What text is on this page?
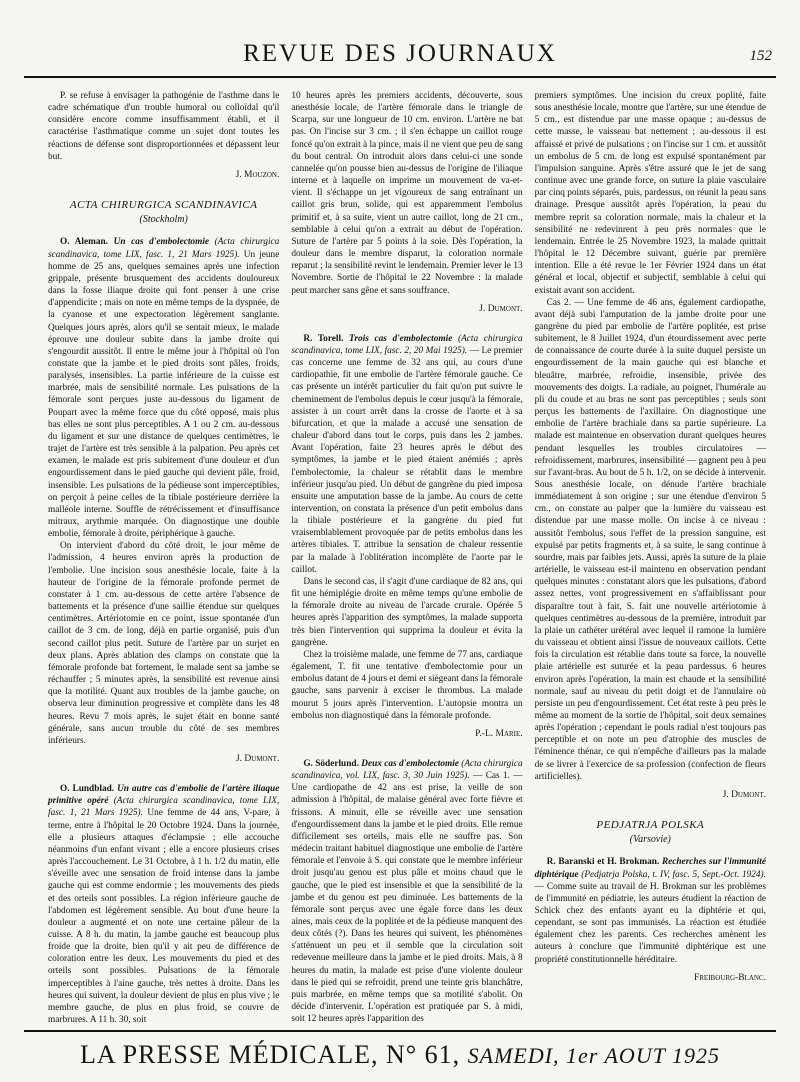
REVUE DES JOURNAUX	152

P. se refuse à envisager la pathogénie de l'asthme dans le cadre schématique d'un trouble humoral ou colloïdal qu'il considère encore comme insuffisamment établi, et il caractérise l'asthmatique comme un sujet dont toutes les réactions de défense sont disproportionnées et dépassent leur but.

J. Mouzon.
ACTA CHIRURGICA SCANDINAVICA
(Stockholm)

O. Aleman. Un cas d'embolectomie (Acta chirurgica scandinavica, tome LIX, fasc. 1, 21 Mars 1925). Un jeune homme de 25 ans, quelques semaines après une infection grippale, présente brusquement des accidents douloureux dans la fosse iliaque droite qui font penser à une crise d'appendicite ; mais on note en même temps de la dyspnée, de la cyanose et une expectoration légèrement sanglante. Quelques jours après, alors qu'il se sentait mieux, le malade éprouve une douleur subite dans la jambe droite qui s'engourdit aussitôt. Il entre le même jour à l'hôpital où l'on constate que la jambe et le pied droits sont pâles, froids, paralysés, insensibles. La partie inférieure de la cuisse est marbrée, mais de sensibilité normale. Les pulsations de la fémorale sont perçues juste au-dessous du ligament de Poupart avec la même force que du côté opposé, mais plus bas elles ne sont plus perceptibles. A 1 ou 2 cm. au-dessous du ligament et sur une distance de quelques centimètres, le trajet de l'artère est très sensible à la palpation. Peu après cet examen, le malade est pris subitement d'une douleur et d'un engourdissement dans le pied gauche qui devient pâle, froid, insensible. Les pulsations de la pédieuse sont imperceptibles, on perçoit à peine celles de la tibiale postérieure derrière la malléole interne. Souffle de rétrécissement et d'insuffisance mitraux, arythmie marquée. On diagnostique une double embolie, fémorale à droite, périphérique à gauche.

On intervient d'abord du côté droit, le jour même de l'admission, 4 heures environ après la production de l'embolie. Une incision sous anesthésie locale, faite à la hauteur de l'origine de la fémorale profonde permet de constater à 1 cm. au-dessous de cette artère l'absence de battements et la présence d'une saillie étendue sur quelques centimètres. Artériotomie en ce point, issue spontanée d'un caillot de 3 cm. de long, déjà en partie organisé, puis d'un second caillot plus petit. Suture de l'artère par un surjet en deux plans. Après ablation des clamps on constate que la fémorale profonde bat fortement, le malade sent sa jambe se réchauffer ; 5 minutes après, la sensibilité est revenue ainsi que la motilité. Quant aux troubles de la jambe gauche, on observa leur diminution progressive et complète dans les 48 heures. Revu 7 mois après, le sujet était en bonne santé générale, sans aucun trouble du côté de ses membres inférieurs.

J. Dumont.

O. Lundblad. Un autre cas d'embolie de l'artère iliaque primitive opéré (Acta chirurgica scandinavica, tome LIX, fasc. 1, 21 Mars 1925). Une femme de 44 ans, V-pare, à terme, entre à l'hôpital le 20 Octobre 1924. Dans la journée, elle a plusieurs attaques d'éclampsie ; elle accouche néanmoins d'un enfant vivant ; elle a encore plusieurs crises après l'accouchement. Le 31 Octobre, à 1 h. 1/2 du matin, elle s'éveille avec une sensation de froid intense dans la jambe gauche qui est comme endormie ; les mouvements des pieds et des orteils sont possibles. La région inférieure gauche de l'abdomen est légèrement sensible. Au bout d'une heure la douleur a augmenté et on note une certaine pâleur de la cuisse. A 8 h. du matin, la jambe gauche est beaucoup plus froide que la droite, bien qu'il y ait peu de différence de coloration entre les deux. Les mouvements du pied et des orteils sont possibles. Pulsations de la fémorale imperceptibles à l'aine gauche, très nettes à droite. Dans les heures qui suivent, la douleur devient de plus en plus vive ; le membre gauche, de plus en plus froid, se couvre de marbrures. A 11 h. 30, soit

10 heures après les premiers accidents, découverte, sous anesthésie locale, de l'artère fémorale dans le triangle de Scarpa, sur une longueur de 10 cm. environ. L'artère ne bat pas. On l'incise sur 3 cm. ; il s'en échappe un caillot rouge foncé qu'on extrait à la pince, mais il ne vient que peu de sang du bout central. On introduit alors dans celui-ci une sonde cannelée qu'on pousse bien au-dessus de l'origine de l'iliaque interne et à laquelle on imprime un mouvement de va-et-vient. Il s'échappe un jet vigoureux de sang entraînant un caillot gris brun, solide, qui est apparemment l'embolus primitif et, à sa suite, vient un autre caillot, long de 21 cm., semblable à celui qu'on a extrait au début de l'opération. Suture de l'artère par 5 points à la soie. Dès l'opération, la douleur dans le membre disparut, la coloration normale reparut ; la sensibilité revint le lendemain. Premier lever le 13 Novembre. Sortie de l'hôpital le 22 Novembre : la malade peut marcher sans gêne et sans souffrance.

J. Dumont.

R. Torell. Trois cas d'embolectomie (Acta chirurgica scandinavica, tome LIX, fasc. 2, 20 Mai 1925). — Le premier cas concerne une femme de 32 ans qui, au cours d'une cardiopathie, fit une embolie de l'artère fémorale gauche. Ce cas présente un intérêt particulier du fait qu'on put suivre le cheminement de l'embolus depuis le cœur jusqu'à la fémorale, assister à un court arrêt dans la crosse de l'aorte et à sa bifurcation, et que la malade a accusé une sensation de chaleur d'abord dans tout le corps, puis dans les 2 jambes. Avant l'opération, faite 23 heures après le début des symptômes, la jambe et le pied étaient anémiés ; après l'embolectomie, la chaleur se rétablit dans le membre inférieur jusqu'au pied. Un début de gangrène du pied imposa ensuite une amputation basse de la jambe. Au cours de cette intervention, on constata la présence d'un petit embolus dans la tibiale postérieure et la gangrène du pied fut vraisemblablement provoquée par de petits embolus dans les artères tibiales. T. attribue la sensation de chaleur ressentie par la malade à l'oblitération incomplète de l'aorte par le caillot.

Dans le second cas, il s'agit d'une cardiaque de 82 ans, qui fit une hémiplégie droite en même temps qu'une embolie de la fémorale droite au niveau de l'arcade crurale. Opérée 5 heures après l'apparition des symptômes, la malade supporta très bien l'intervention qui supprima la douleur et évita la gangrène.

Chez la troisième malade, une femme de 77 ans, cardiaque également, T. fit une tentative d'embolectomie pour un embolus datant de 4 jours et demi et siégeant dans la fémorale gauche, sans parvenir à exciser le thrombus. La malade mourut 5 jours après l'intervention. L'autopsie montra un embolus non diagnostiqué dans la fémorale profonde.

P.-L. Marie.

G. Söderlund. Deux cas d'embolectomie (Acta chirurgica scandinavica, vol. LIX, fasc. 3, 30 Juin 1925). — Cas 1. — Une cardiopathe de 42 ans est prise, la veille de son admission à l'hôpital, de malaise général avec forte fièvre et frissons. A minuit, elle se réveille avec une sensation d'engourdissement dans la jambe et le pied droits. Elle remue difficilement ses orteils, mais elle ne souffre pas. Son médecin traitant habituel diagnostique une embolie de l'artère fémorale et l'envoie à S. qui constate que le membre inférieur droit jusqu'au genou est plus pâle et moins chaud que le gauche, que le pied est insensible et que la sensibilité de la jambe et du genou est peu diminuée. Les battements de la fémorale sont perçus avec une égale force dans les deux aines, mais ceux de la poplitée et de la pédieuse manquent des deux côtés (?). Dans les heures qui suivent, les phénomènes s'atténuent un peu et il semble que la circulation soit redevenue meilleure dans la jambe et le pied droits. Mais, à 8 heures du matin, la malade est prise d'une violente douleur dans le pied qui se refroidit, prend une teinte gris blanchâtre, puis marbrée, en même temps que sa motilité s'abolit. On décide d'intervenir. L'opération est pratiquée par S. à midi, soit 12 heures après l'apparition des

premiers symptômes. Une incision du creux poplité, faite sous anesthésie locale, montre que l'artère, sur une étendue de 5 cm., est distendue par une masse opaque ; au-dessus de cette masse, le vaisseau bat nettement ; au-dessous il est affaissé et privé de pulsations ; on l'incise sur 1 cm. et aussitôt un embolus de 5 cm. de long est expulsé spontanément par l'impulsion sanguine. Après s'être assuré que le jet de sang continue avec une grande force, on suture la plaie vasculaire par cinq points séparés, puis, pardessus, on réunit la peau sans drainage. Presque aussitôt après l'opération, la peau du membre reprit sa coloration normale, mais la chaleur et la sensibilité ne redevinrent à peu près normales que le lendemain. Entrée le 25 Novembre 1923, la malade quittait l'hôpital le 12 Décembre suivant, guérie par première intention. Elle a été revue le 1er Février 1924 dans un état général et local, objectif et subjectif, semblable à celui qui existait avant son accident.

Cas 2. — Une femme de 46 ans, également cardiopathe, avant déjà subi l'amputation de la jambe droite pour une gangrène du pied par embolie de l'artère poplitée, est prise subitement, le 8 Juillet 1924, d'un étourdissement avec perte de connaissance de courte durée à la suite duquel persiste un engourdissement de la main gauche qui est blanche et bleuâtre, marbrée, refroidie, insensible, privée des mouvements des doigts. La radiale, au poignet, l'humérale au pli du coude et au bras ne sont pas perceptibles ; seuls sont perçus les battements de l'axillaire. On diagnostique une embolie de l'artère brachiale dans sa partie supérieure. La malade est maintenue en observation durant quelques heures pendant lesquelles les troubles circulatoires — refroidissement, marbrures, insensibilité — gagnent peu à peu sur l'avant-bras. Au bout de 5 h. 1/2, on se décide à intervenir. Sous anesthésie locale, on dénude l'artère brachiale immédiatement à son origine ; sur une étendue d'environ 5 cm., on constate au palper que la lumière du vaisseau est distendue par une masse molle. On incise à ce niveau : aussitôt l'embolus, sous l'effet de la pression sanguine, est expulsé par petits fragments et, à sa suite, le sang continue à sourdre, mais par faibles jets. Aussi, après la suture de la plaie artérielle, le vaisseau est-il maintenu en observation pendant quelques minutes : constatant alors que les pulsations, d'abord assez nettes, vont progressivement en s'affaiblissant pour disparaître tout à fait, S. fait une nouvelle artériotomie à quelques centimètres au-dessous de la première, introduit par la plaie un cathéter urétéral avec lequel il ramone la lumière du vaisseau et obtient ainsi l'issue de nouveaux caillots. Cette fois la circulation est rétablie dans toute sa force, la nouvelle plaie artérielle est suturée et la peau pardessus. 6 heures environ après l'opération, la main est chaude et la sensibilité normale, sauf au niveau du petit doigt et de l'annulaire où persiste un peu d'engourdissement. Cet état reste à peu près le même au moment de la sortie de l'hôpital, soit deux semaines après l'opération ; cependant le pouls radial n'est toujours pas perceptible et on note un peu d'atrophie des muscles de l'éminence thénar, ce qui n'empêche d'ailleurs pas la malade de se livrer à l'exercice de sa profession (confection de fleurs artificielles).

J. Dumont.
PEDJATRJA POLSKA
(Varsovie)

R. Baranski et H. Brokman. Recherches sur l'immunité diphtérique (Pedjatrja Polska, t. IV, fasc. 5, Sept.-Oct. 1924). — Comme suite au travail de H. Brokman sur les problèmes de l'immunité en pédiatrie, les auteurs étudient la réaction de Schick chez des enfants ayant eu la diphtérie et qui, cependant, se sont pas immunisés. La réaction est étudiée également chez les parents. Ces recherches amènent les auteurs à conclure que l'immunité diphtérique est une propriété constitutionnelle héréditaire.

Freibourg-Blanc.
LA PRESSE MÉDICALE, N° 61, SAMEDI, 1er AOUT 1925
